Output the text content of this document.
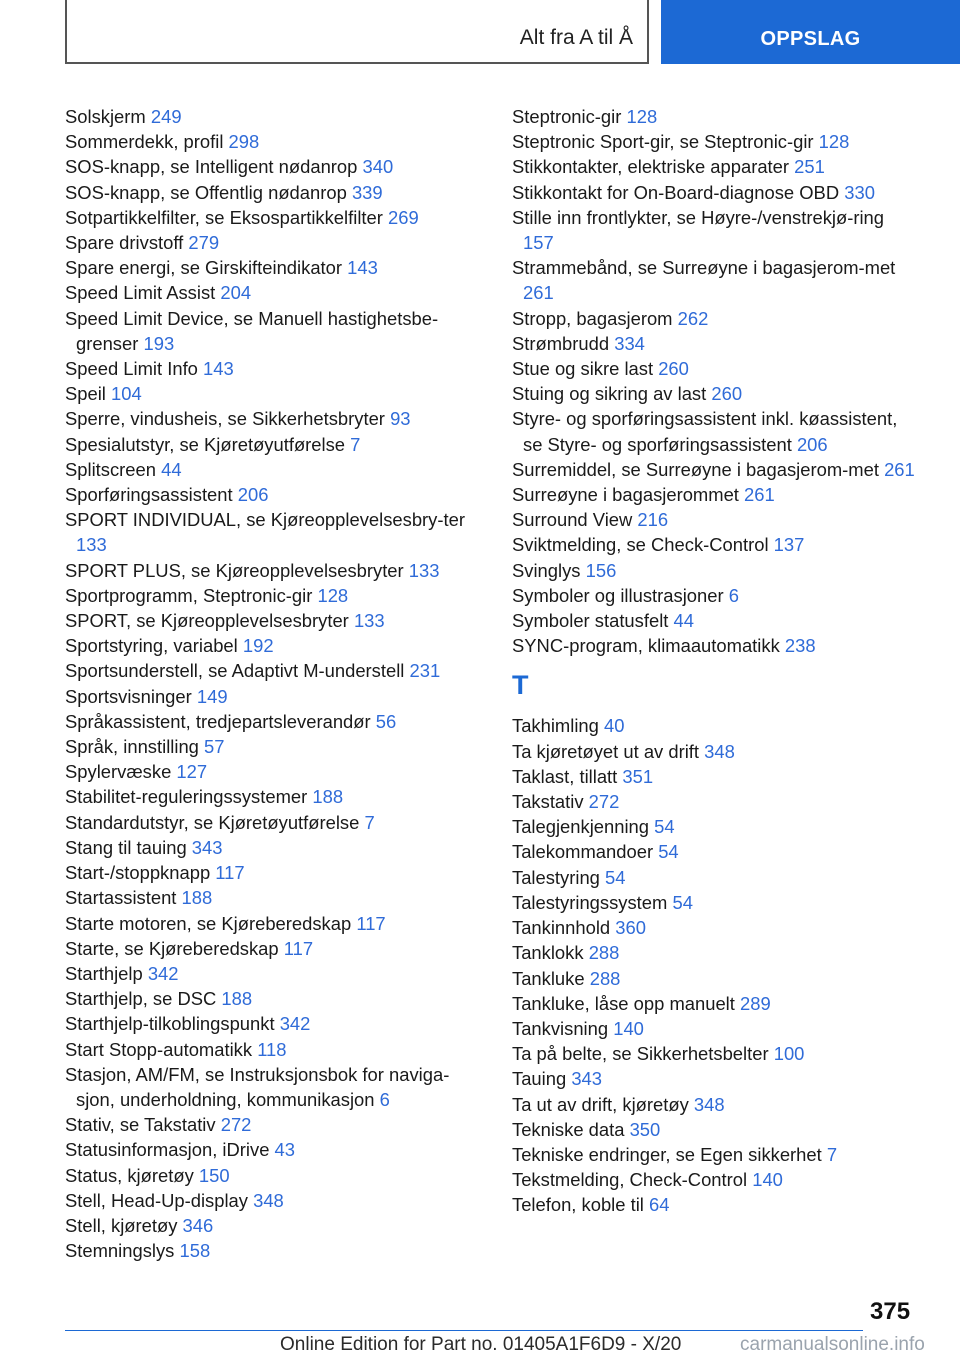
Alt fra A til Å	OPPSLAG
Solskjerm 249
Sommerdekk, profil 298
SOS-knapp, se Intelligent nødanrop 340
SOS-knapp, se Offentlig nødanrop 339
Sotpartikkelfilter, se Eksospartikkelfilter 269
Spare drivstoff 279
Spare energi, se Girskifteindikator 143
Speed Limit Assist 204
Speed Limit Device, se Manuell hastighetsbe-grenser 193
Speed Limit Info 143
Speil 104
Sperre, vindusheis, se Sikkerhetsbryter 93
Spesialutstyr, se Kjøretøyutførelse 7
Splitscreen 44
Sporføringsassistent 206
SPORT INDIVIDUAL, se Kjøreopplevelsesbry-ter 133
SPORT PLUS, se Kjøreopplevelsesbryter 133
Sportprogramm, Steptronic-gir 128
SPORT, se Kjøreopplevelsesbryter 133
Sportstyring, variabel 192
Sportsunderstell, se Adaptivt M-understell 231
Sportsvisninger 149
Språkassistent, tredjepartsleverandør 56
Språk, innstilling 57
Spylervæske 127
Stabilitet-reguleringssystemer 188
Standardutstyr, se Kjøretøyutførelse 7
Stang til tauing 343
Start-/stoppknapp 117
Startassistent 188
Starte motoren, se Kjøreberedskap 117
Starte, se Kjøreberedskap 117
Starthjelp 342
Starthjelp, se DSC 188
Starthjelp-tilkoblingspunkt 342
Start Stopp-automatikk 118
Stasjon, AM/FM, se Instruksjonsbok for naviga-sjon, underholdning, kommunikasjon 6
Stativ, se Takstativ 272
Statusinformasjon, iDrive 43
Status, kjøretøy 150
Stell, Head-Up-display 348
Stell, kjøretøy 346
Stemningslys 158
Steptronic-gir 128
Steptronic Sport-gir, se Steptronic-gir 128
Stikkontakter, elektriske apparater 251
Stikkontakt for On-Board-diagnose OBD 330
Stille inn frontlykter, se Høyre-/venstrekjø-ring 157
Strammebånd, se Surreøyne i bagasjerom-met 261
Stropp, bagasjerom 262
Strømbrudd 334
Stue og sikre last 260
Stuing og sikring av last 260
Styre- og sporføringsassistent inkl. køassistent, se Styre- og sporføringsassistent 206
Surremiddel, se Surreøyne i bagasjerom-met 261
Surreøyne i bagasjerommet 261
Surround View 216
Sviktmelding, se Check-Control 137
Svinglys 156
Symboler og illustrasjoner 6
Symboler statusfelt 44
SYNC-program, klimaautomatikk 238
T
Takhimling 40
Ta kjøretøyet ut av drift 348
Taklast, tillatt 351
Takstativ 272
Talegjenkjenning 54
Talekommandoer 54
Talestyring 54
Talestyringssystem 54
Tankinnhold 360
Tanklokk 288
Tankluke 288
Tankluke, låse opp manuelt 289
Tankvisning 140
Ta på belte, se Sikkerhetsbelter 100
Tauing 343
Ta ut av drift, kjøretøy 348
Tekniske data 350
Tekniske endringer, se Egen sikkerhet 7
Tekstmelding, Check-Control 140
Telefon, koble til 64
375
Online Edition for Part no. 01405A1F6D9 - X/20	carmanualsonline.info
